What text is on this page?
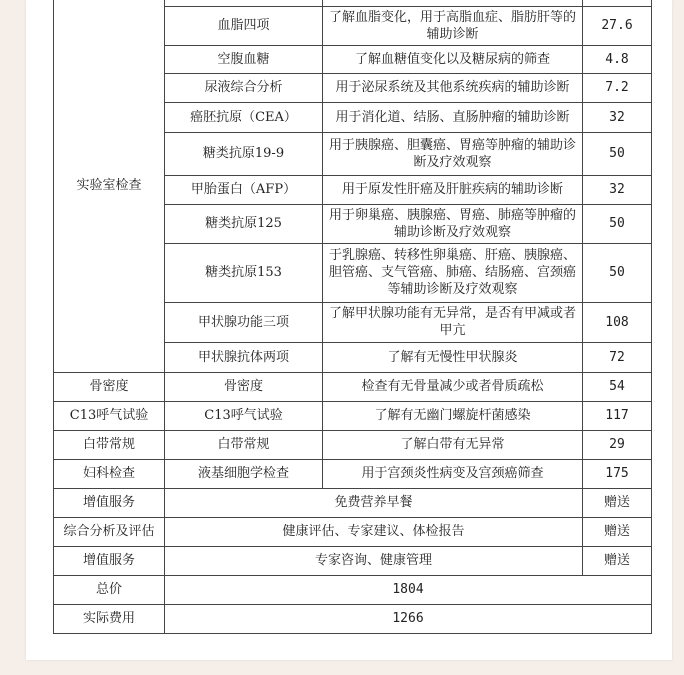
实验室检查			
	血脂四项	了解血脂变化，用于高脂血症、脂肪肝等的辅助诊断	27.6
	空腹血糖	了解血糖值变化以及糖尿病的筛查	4.8
	尿液综合分析	用于泌尿系统及其他系统疾病的辅助诊断	7.2
	癌胚抗原（CEA）	用于消化道、结肠、直肠肿瘤的辅助诊断	32
	糖类抗原19-9	用于胰腺癌、胆囊癌、胃癌等肿瘤的辅助诊断及疗效观察	50
	甲胎蛋白（AFP）	用于原发性肝癌及肝脏疾病的辅助诊断	32
	糖类抗原125	用于卵巢癌、胰腺癌、胃癌、肺癌等肿瘤的辅助诊断及疗效观察	50
	糖类抗原153	于乳腺癌、转移性卵巢癌、肝癌、胰腺癌、胆管癌、支气管癌、肺癌、结肠癌、宫颈癌等辅助诊断及疗效观察	50
	甲状腺功能三项	了解甲状腺功能有无异常，是否有甲减或者甲亢	108
	甲状腺抗体两项	了解有无慢性甲状腺炎	72
骨密度	骨密度	检查有无骨量减少或者骨质疏松	54
C13呼气试验	C13呼气试验	了解有无幽门螺旋杆菌感染	117
白带常规	白带常规	了解白带有无异常	29
妇科检查	液基细胞学检查	用于宫颈炎性病变及宫颈癌筛查	175
增值服务	免费营养早餐		赠送
综合分析及评估	健康评估、专家建议、体检报告		赠送
增值服务	专家咨询、健康管理		赠送
总价	1804		
实际费用	1266		
